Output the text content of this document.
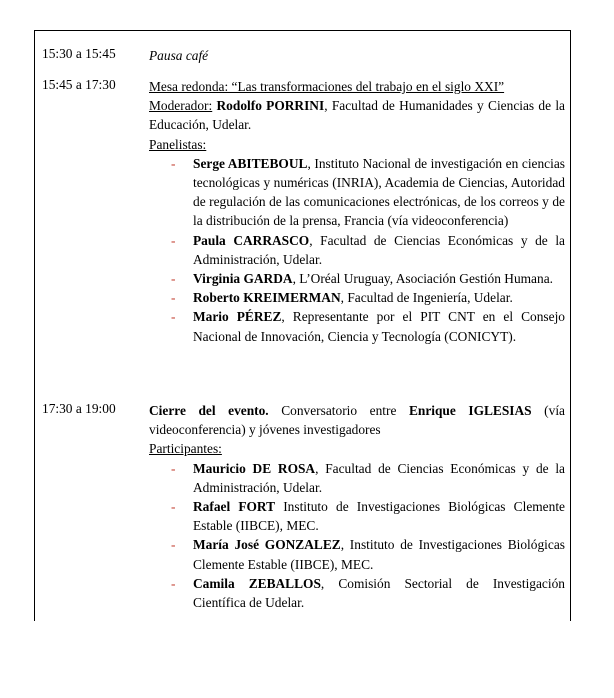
15:30 a 15:45 Pausa café
15:45 a 17:30 Mesa redonda: “Las transformaciones del trabajo en el siglo XXI”
Moderador: Rodolfo PORRINI, Facultad de Humanidades y Ciencias de la Educación, Udelar.
Panelistas:
- Serge ABITEBOUL, Instituto Nacional de investigación en ciencias tecnológicas y numéricas (INRIA), Academia de Ciencias, Autoridad de regulación de las comunicaciones electrónicas, de los correos y de la distribución de la prensa, Francia (vía videoconferencia)
- Paula CARRASCO, Facultad de Ciencias Económicas y de la Administración, Udelar.
- Virginia GARDA, L’Oréal Uruguay, Asociación Gestión Humana.
- Roberto KREIMERMAN, Facultad de Ingeniería, Udelar.
- Mario PÉREZ, Representante por el PIT CNT en el Consejo Nacional de Innovación, Ciencia y Tecnología (CONICYT).
17:30 a 19:00 Cierre del evento. Conversatorio entre Enrique IGLESIAS (vía videoconferencia) y jóvenes investigadores
Participantes:
- Mauricio DE ROSA, Facultad de Ciencias Económicas y de la Administración, Udelar.
- Rafael FORT Instituto de Investigaciones Biológicas Clemente Estable (IIBCE), MEC.
- María José GONZALEZ, Instituto de Investigaciones Biológicas Clemente Estable (IIBCE), MEC.
- Camila ZEBALLOS, Comisión Sectorial de Investigación Científica de Udelar.
